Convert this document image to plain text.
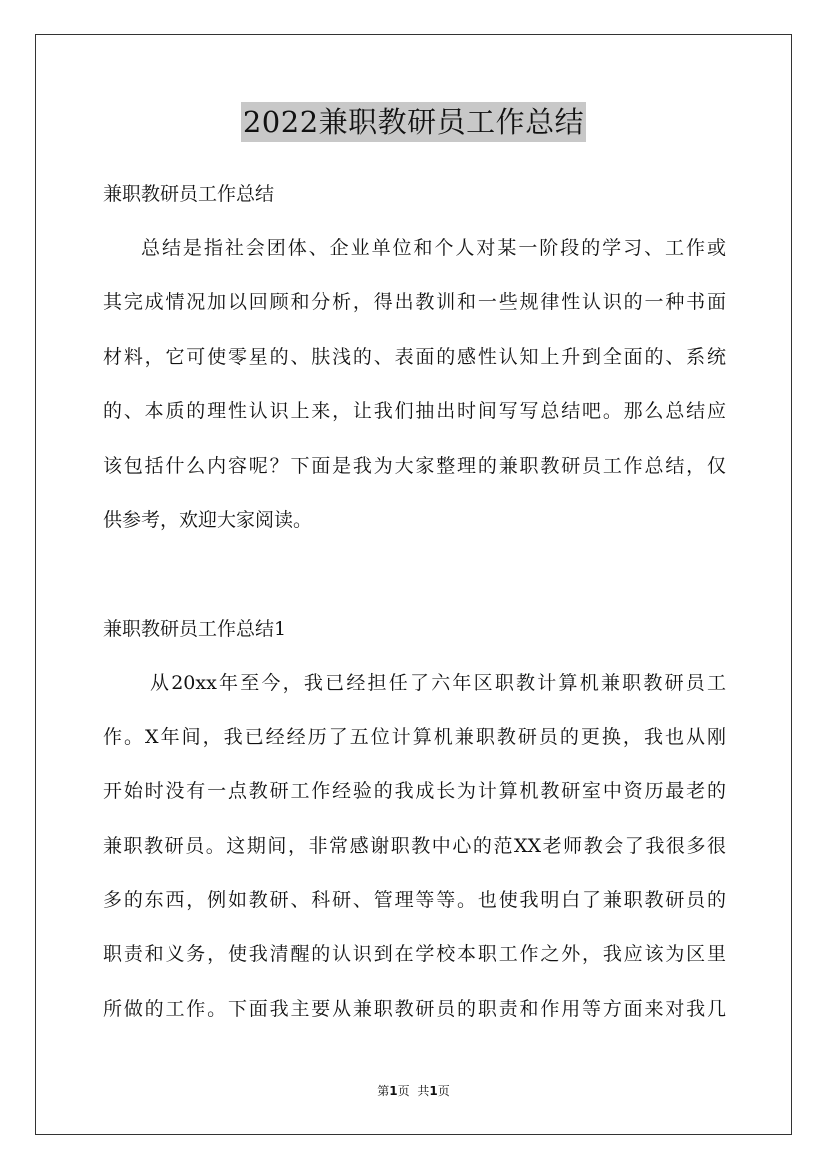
2022兼职教研员工作总结
兼职教研员工作总结
总结是指社会团体、企业单位和个人对某一阶段的学习、工作或
其完成情况加以回顾和分析，得出教训和一些规律性认识的一种书面
材料，它可使零星的、肤浅的、表面的感性认知上升到全面的、系统
的、本质的理性认识上来，让我们抽出时间写写总结吧。那么总结应
该包括什么内容呢？下面是我为大家整理的兼职教研员工作总结，仅
供参考，欢迎大家阅读。
兼职教研员工作总结1
从20xx年至今，我已经担任了六年区职教计算机兼职教研员工
作。X年间，我已经经历了五位计算机兼职教研员的更换，我也从刚
开始时没有一点教研工作经验的我成长为计算机教研室中资历最老的
兼职教研员。这期间，非常感谢职教中心的范XX老师教会了我很多很
多的东西，例如教研、科研、管理等等。也使我明白了兼职教研员的
职责和义务，使我清醒的认识到在学校本职工作之外，我应该为区里
所做的工作。下面我主要从兼职教研员的职责和作用等方面来对我几
第1页 共1页
